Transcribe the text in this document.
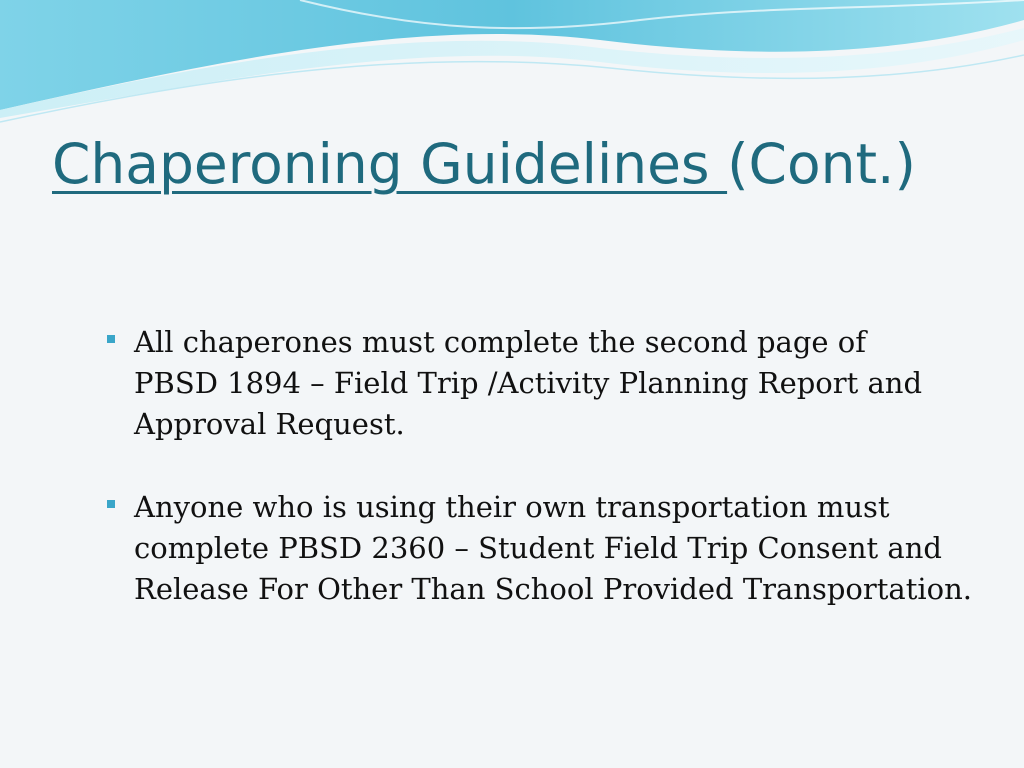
Chaperoning Guidelines (Cont.)
All chaperones must complete the second page of
PBSD 1894 – Field Trip /Activity Planning Report and Approval Request.
Anyone who is using their own transportation must complete PBSD 2360 – Student Field Trip Consent and Release For Other Than School Provided Transportation.
